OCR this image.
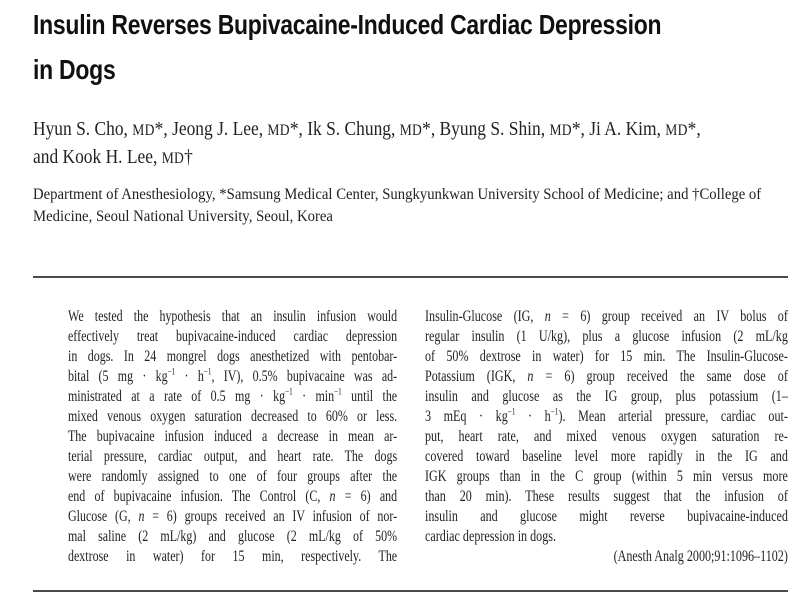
Insulin Reverses Bupivacaine-Induced Cardiac Depression
in Dogs
Hyun S. Cho, MD*, Jeong J. Lee, MD*, Ik S. Chung, MD*, Byung S. Shin, MD*, Ji A. Kim, MD*,
and Kook H. Lee, MD†
Department of Anesthesiology, *Samsung Medical Center, Sungkyunkwan University School of Medicine; and †College of
Medicine, Seoul National University, Seoul, Korea
We tested the hypothesis that an insulin infusion would
effectively treat bupivacaine-induced cardiac depression
in dogs. In 24 mongrel dogs anesthetized with pentobar-
bital (5 mg · $kg^{-1} \cdot h^{-1}$, IV), 0.5% bupivacaine was ad-
ministrated at a rate of 0.5 mg · $kg^{-1} \cdot \min^{-1}$ until the
mixed venous oxygen saturation decreased to 60% or less.
The bupivacaine infusion induced a decrease in mean ar-
terial pressure, cardiac output, and heart rate. The dogs
were randomly assigned to one of four groups after the
end of bupivacaine infusion. The Control (C, n = 6) and
Glucose (G, n = 6) groups received an IV infusion of nor-
mal saline (2 mL/kg) and glucose (2 mL/kg of 50%
dextrose in water) for 15 min, respectively. The
Insulin-Glucose (IG, n = 6) group received an IV bolus of
regular insulin (1 U/kg), plus a glucose infusion (2 mL/kg
of 50% dextrose in water) for 15 min. The Insulin-Glucose-
Potassium (IGK, n = 6) group received the same dose of
insulin and glucose as the IG group, plus potassium (1–
3 mEq · $kg^{-1} \cdot h^{-1}$). Mean arterial pressure, cardiac out-
put, heart rate, and mixed venous oxygen saturation re-
covered toward baseline level more rapidly in the IG and
IGK groups than in the C group (within 5 min versus more
than 20 min). These results suggest that the infusion of
insulin and glucose might reverse bupivacaine-induced
cardiac depression in dogs.
(Anesth Analg 2000;91:1096–1102)
